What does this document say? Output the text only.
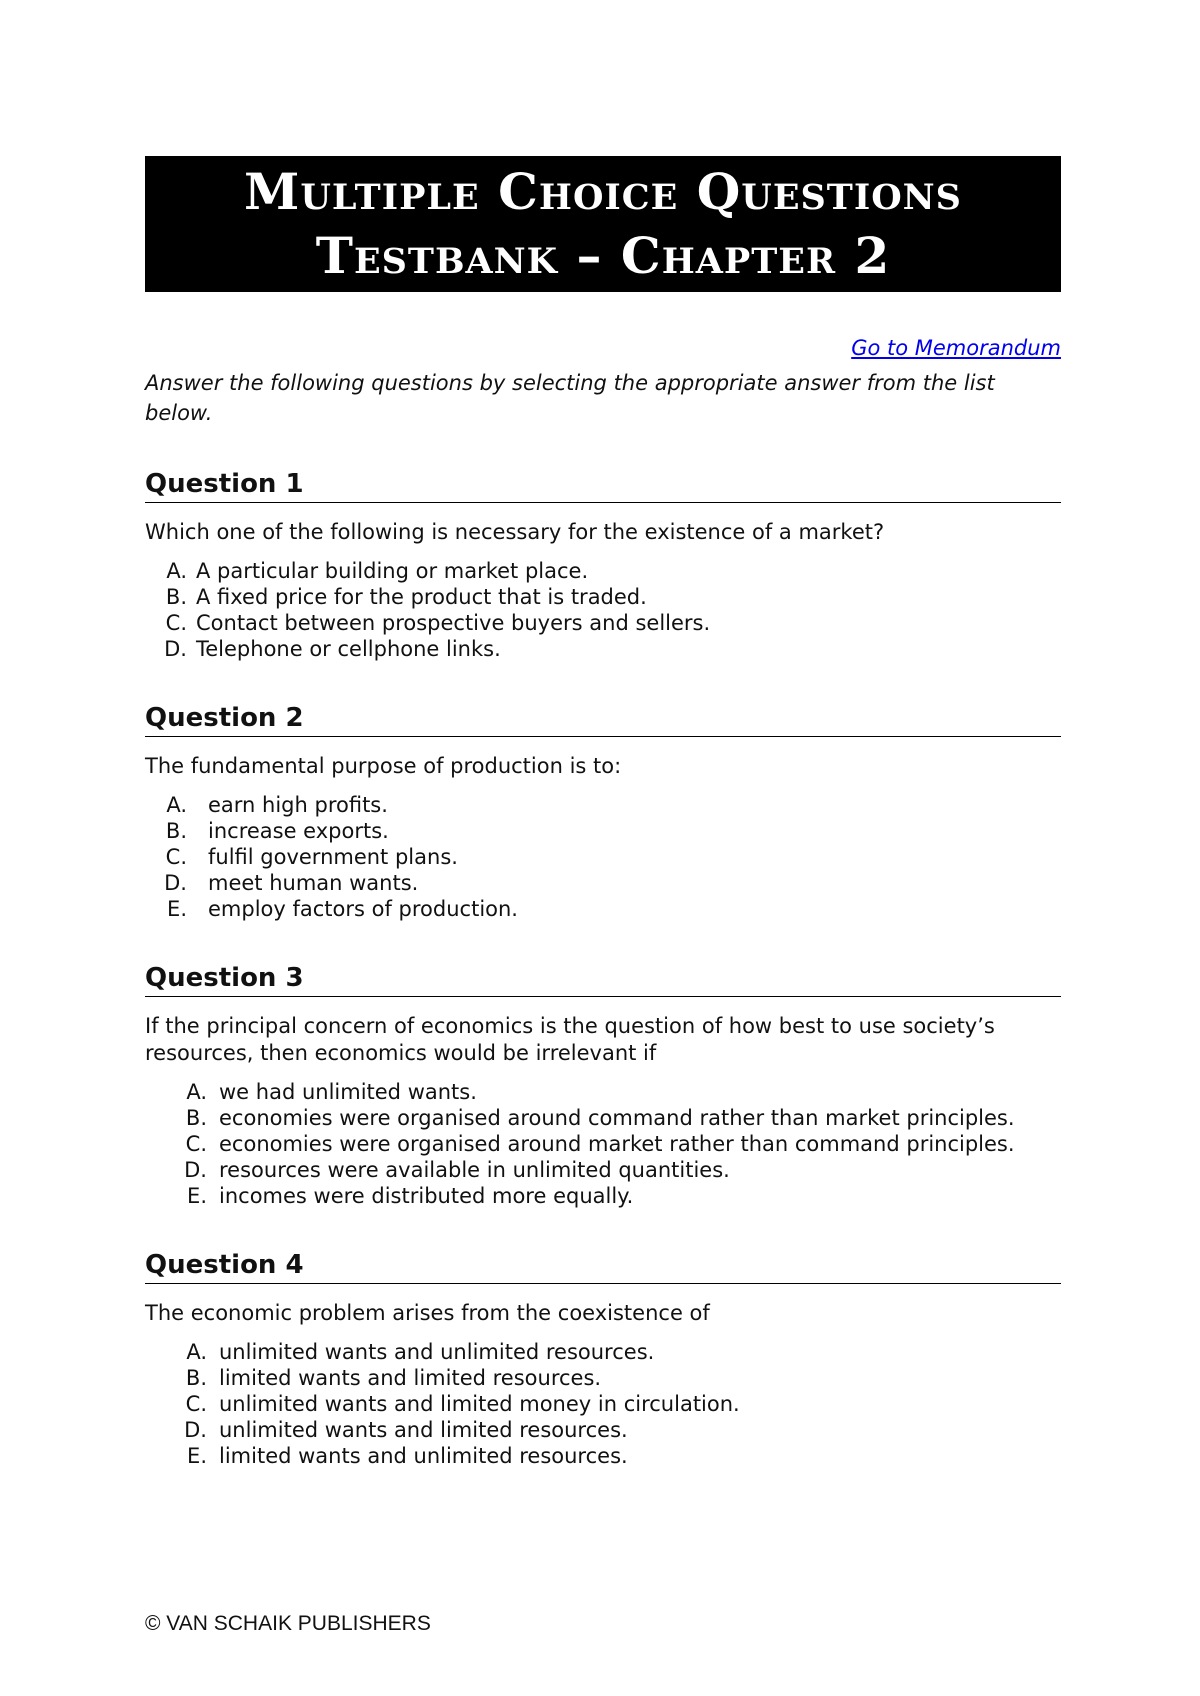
Multiple Choice Questions
Testbank – Chapter 2
Go to Memorandum
Answer the following questions by selecting the appropriate answer from the list below.
Question 1
Which one of the following is necessary for the existence of a market?
A. A particular building or market place.
B. A fixed price for the product that is traded.
C. Contact between prospective buyers and sellers.
D. Telephone or cellphone links.
Question 2
The fundamental purpose of production is to:
A. earn high profits.
B. increase exports.
C. fulfil government plans.
D. meet human wants.
E. employ factors of production.
Question 3
If the principal concern of economics is the question of how best to use society’s resources, then economics would be irrelevant if
A. we had unlimited wants.
B. economies were organised around command rather than market principles.
C. economies were organised around market rather than command principles.
D. resources were available in unlimited quantities.
E. incomes were distributed more equally.
Question 4
The economic problem arises from the coexistence of
A. unlimited wants and unlimited resources.
B. limited wants and limited resources.
C. unlimited wants and limited money in circulation.
D. unlimited wants and limited resources.
E. limited wants and unlimited resources.
© VAN SCHAIK PUBLISHERS
